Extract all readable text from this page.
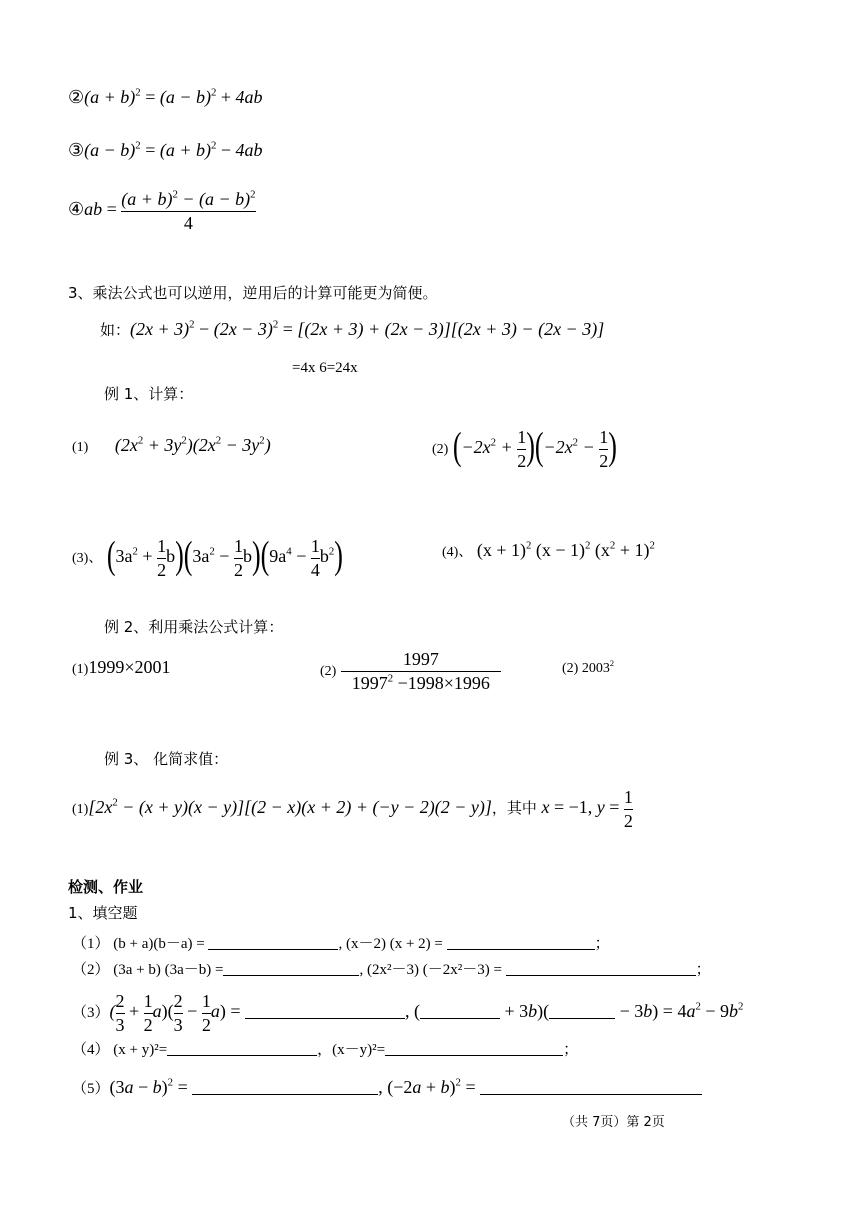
②(a + $b)^2 = (a - b)^2 + 4ab$
③(a − $b)^2 = (a + b)^2 - 4ab$
④ab = $\frac{(a + b)^2 - (a - b)^2}{4}$
3、乘法公式也可以逆用，逆用后的计算可能更为简便。
如：$(2x + 3)^2 - (2x - 3)^2 = [(2x + 3) + (2x - 3)][(2x + 3) - (2x - 3)]$
=4x 6=24x
例 1、计算：
(1) $(2x^2 + 3y^2)(2x^2 - 3y^2)$	(2) $(-2x^2 + \frac{1}{2} )(-2x^2 - \frac{1}{2}$ )
(3)、 $(3a^2 + \frac{1}{2} b)(3a^2 - \frac{1}{2} b)(9a^4 - \frac{1}{4} b^2)$	(4)、 $(x + 1)^2$ $(x - 1)^2$ $(x^2 + 1)^2$
例 2、利用乘法公式计算：
(1)1999×2001	$(2) \frac{1997}{1997^2 -1998\times 1996}$	(2) 2003$^2$
例 3、 化简求值：
$(1)[2x^2 - (x + y)(x - y)][(2 - x)(x + 2) + (-y - 2)(2 - y)]$，其中 x = −1, $y = \frac{1}{2}$
检测、作业
1、填空题
（1） (b + a)(b－a) =	, (x－2) (x + 2) =	；
（2） (3a + b) (3a－b) =	, (2x²－3) (－2x²－3) =	；
$(3)( \frac{2}{3} + \frac{1}{2} a)( \frac{2}{3} - \frac{1}{2} a)$ =	, (	+ 3b)(	− $3b) = 4a^2 - 9b^2$
（4） (x + y)²=	，(x－y)²=	；
$(5)(3a - b)^2$ =	, $(-2a + b)^2$ =
（共 7页）第 2页
